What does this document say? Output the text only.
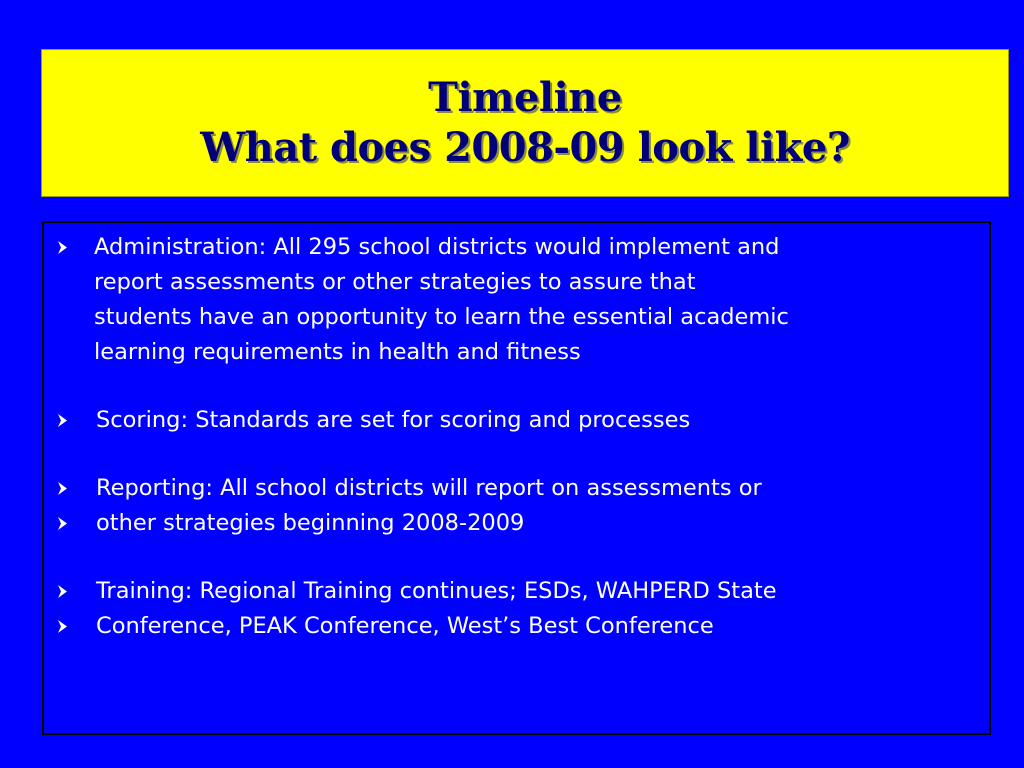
Timeline
What does 2008-09 look like?
Administration: All 295 school districts would implement and
report assessments or other strategies to assure that
students have an opportunity to learn the essential academic
learning requirements in health and fitness
Scoring: Standards are set for scoring and processes
Reporting: All school districts will report on assessments or
other strategies beginning 2008-2009
Training: Regional Training continues; ESDs, WAHPERD State
Conference, PEAK Conference, West’s Best Conference
